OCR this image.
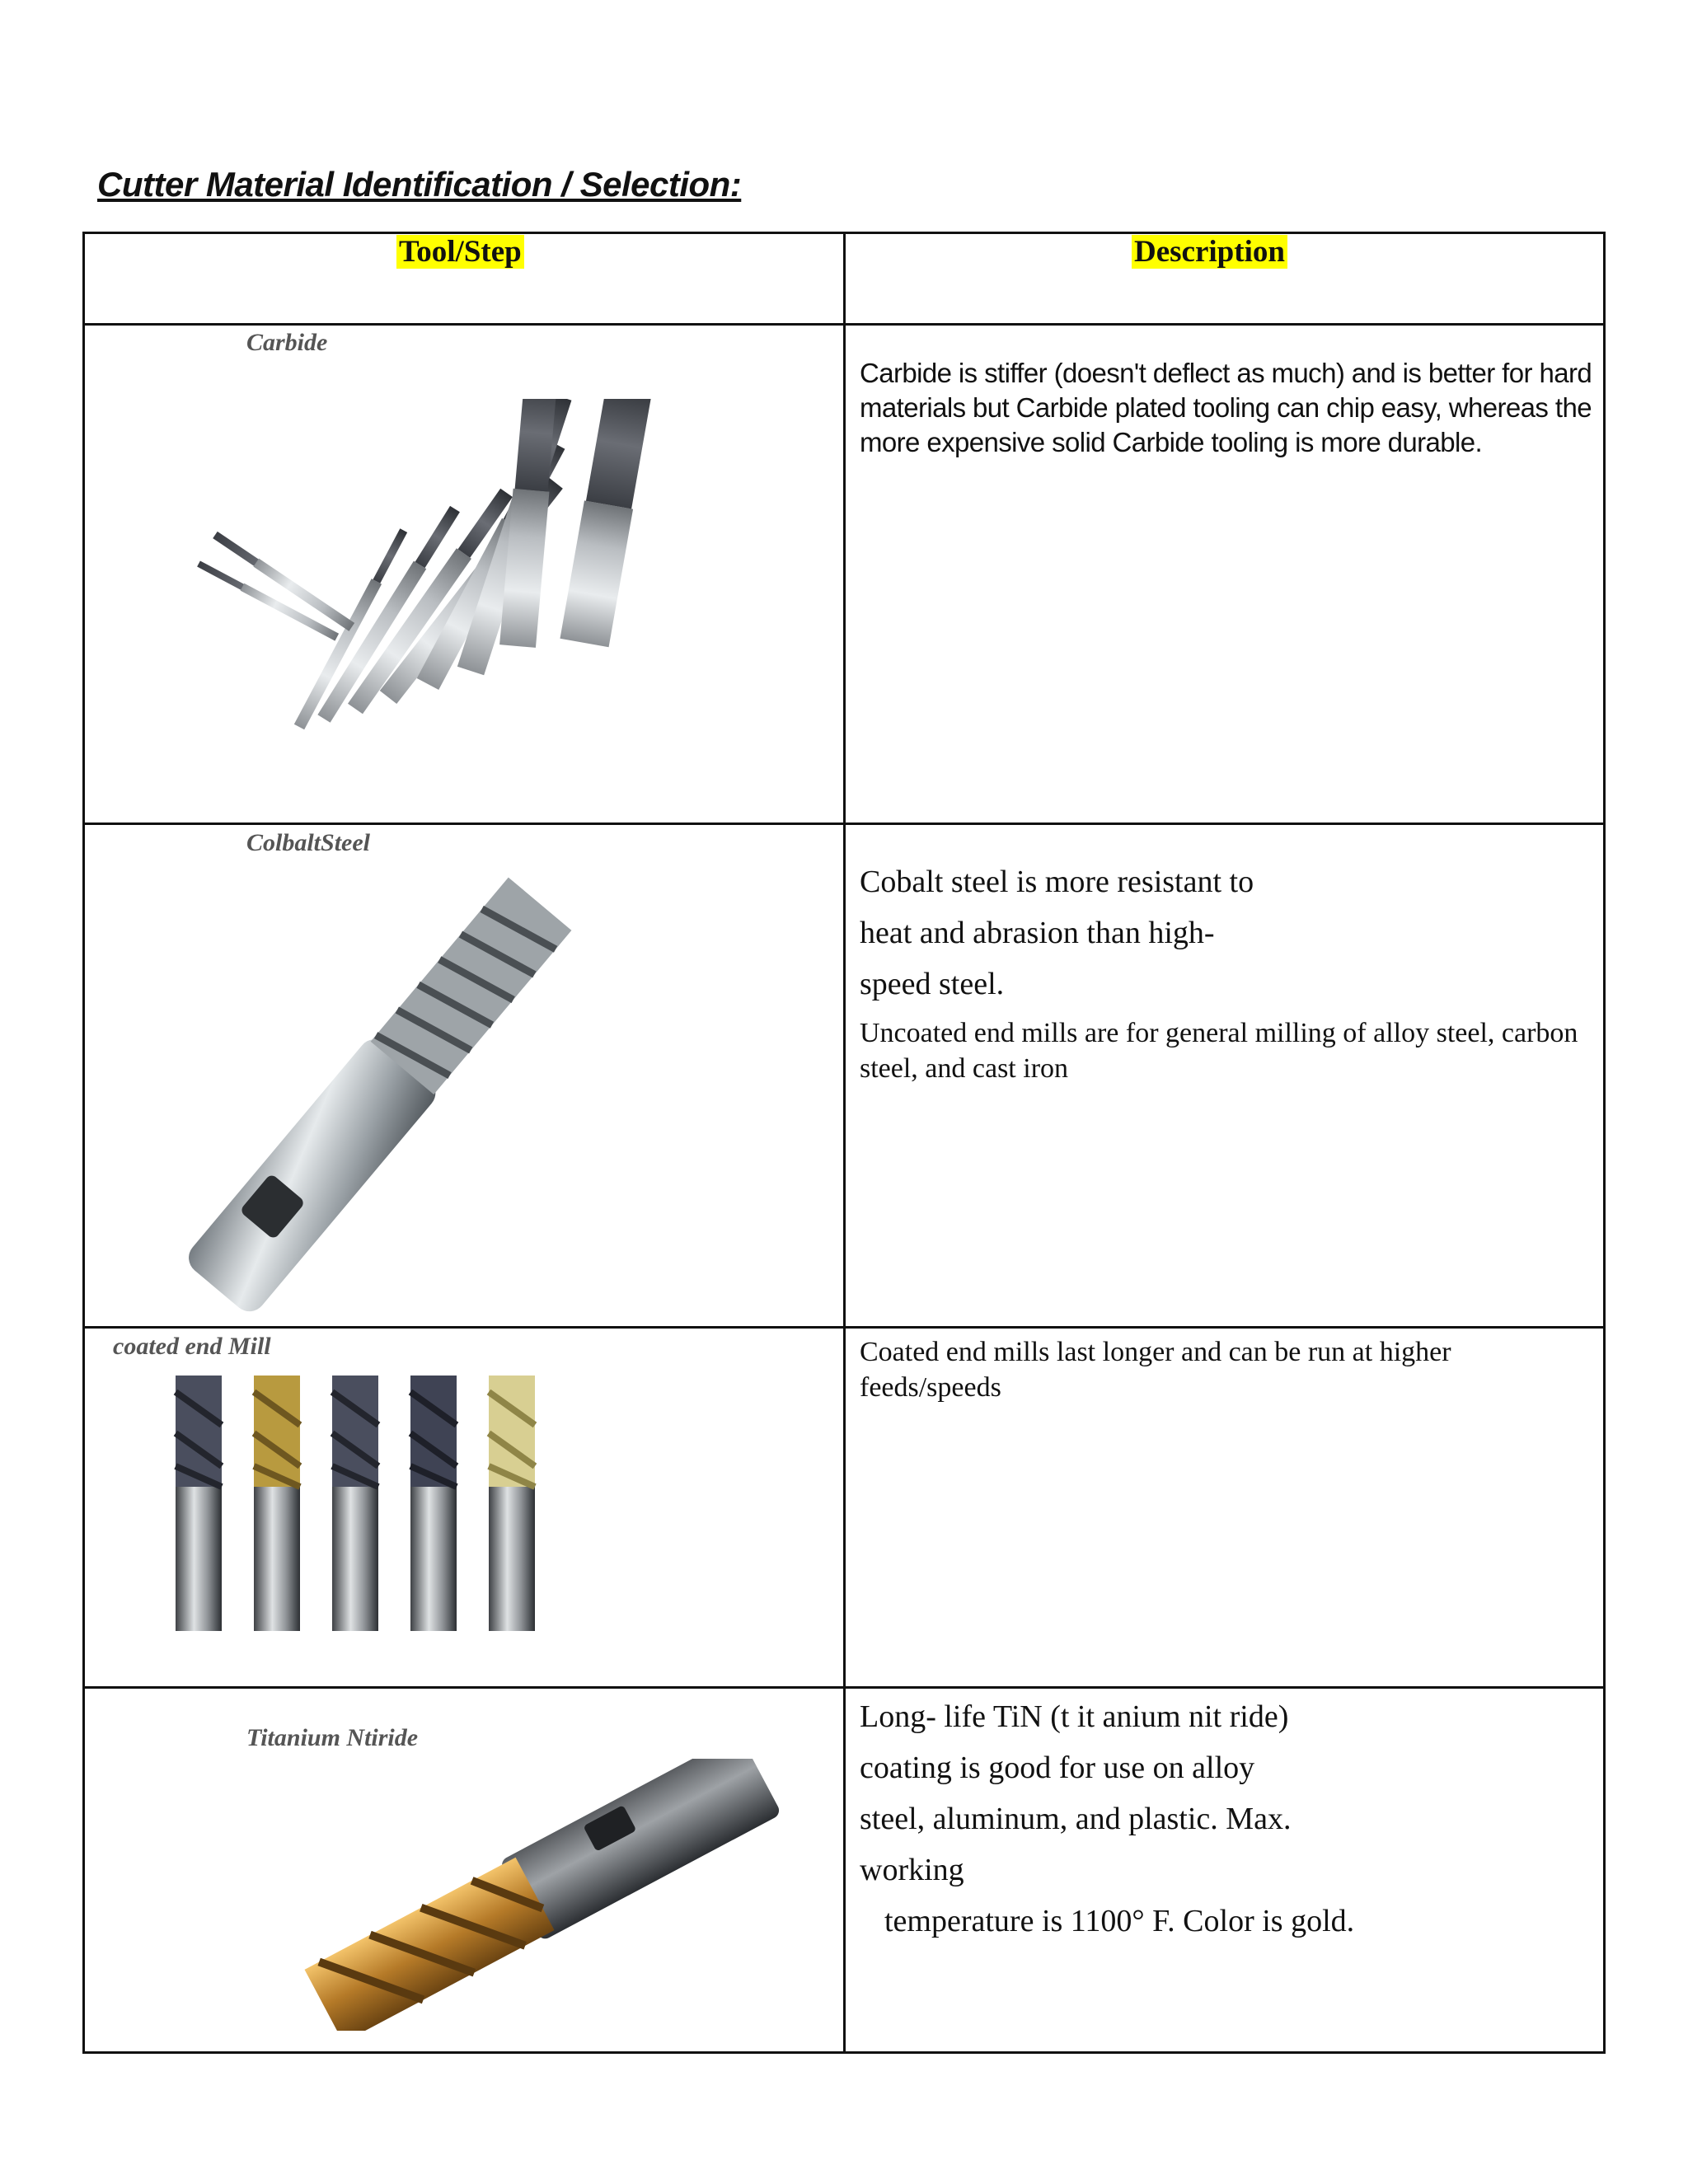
Cutter Material Identification / Selection:
Tool/Step	Description
Carbide
Carbide is stiffer (doesn't deflect as much) and is better for hard materials but Carbide plated tooling can chip easy, whereas the more expensive solid Carbide tooling is more durable.
ColbaltSteel
Cobalt steel is more resistant to
heat and abrasion than high-
speed steel.
Uncoated end mills are for general milling of alloy steel, carbon steel, and cast iron
coated end Mill	Coated end mills last longer and can be run at higher feeds/speeds
Titanium Ntiride
Long- life TiN (t it anium nit ride)
coating is good for use on alloy
steel, aluminum, and plastic. Max.
working
temperature is 1100° F. Color is gold.
